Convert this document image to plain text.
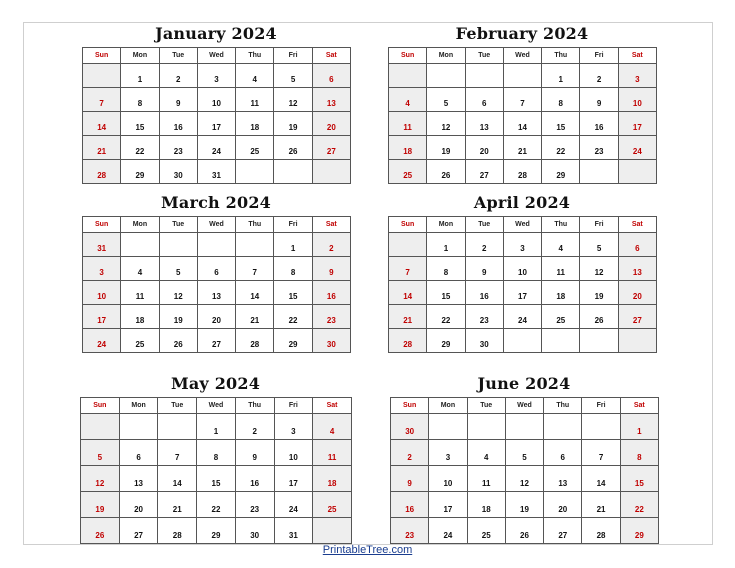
January 2024
Sun	Mon	Tue	Wed	Thu	Fri	Sat

	1	2	3	4	5	6

7	8	9	10	11	12	13

14	15	16	17	18	19	20

21	22	23	24	25	26	27

28	29	30	31			

February 2024
Sun	Mon	Tue	Wed	Thu	Fri	Sat

				1	2	3

4	5	6	7	8	9	10

11	12	13	14	15	16	17

18	19	20	21	22	23	24

25	26	27	28	29		

March 2024
Sun	Mon	Tue	Wed	Thu	Fri	Sat

31					1	2

3	4	5	6	7	8	9

10	11	12	13	14	15	16

17	18	19	20	21	22	23

24	25	26	27	28	29	30
April 2024
Sun	Mon	Tue	Wed	Thu	Fri	Sat

	1	2	3	4	5	6

7	8	9	10	11	12	13

14	15	16	17	18	19	20

21	22	23	24	25	26	27

28	29	30				

May 2024
Sun	Mon	Tue	Wed	Thu	Fri	Sat

			1	2	3	4

5	6	7	8	9	10	11

12	13	14	15	16	17	18

19	20	21	22	23	24	25

26	27	28	29	30	31	

June 2024
Sun	Mon	Tue	Wed	Thu	Fri	Sat

30						1

2	3	4	5	6	7	8

9	10	11	12	13	14	15

16	17	18	19	20	21	22

23	24	25	26	27	28	29
PrintableTree.com
